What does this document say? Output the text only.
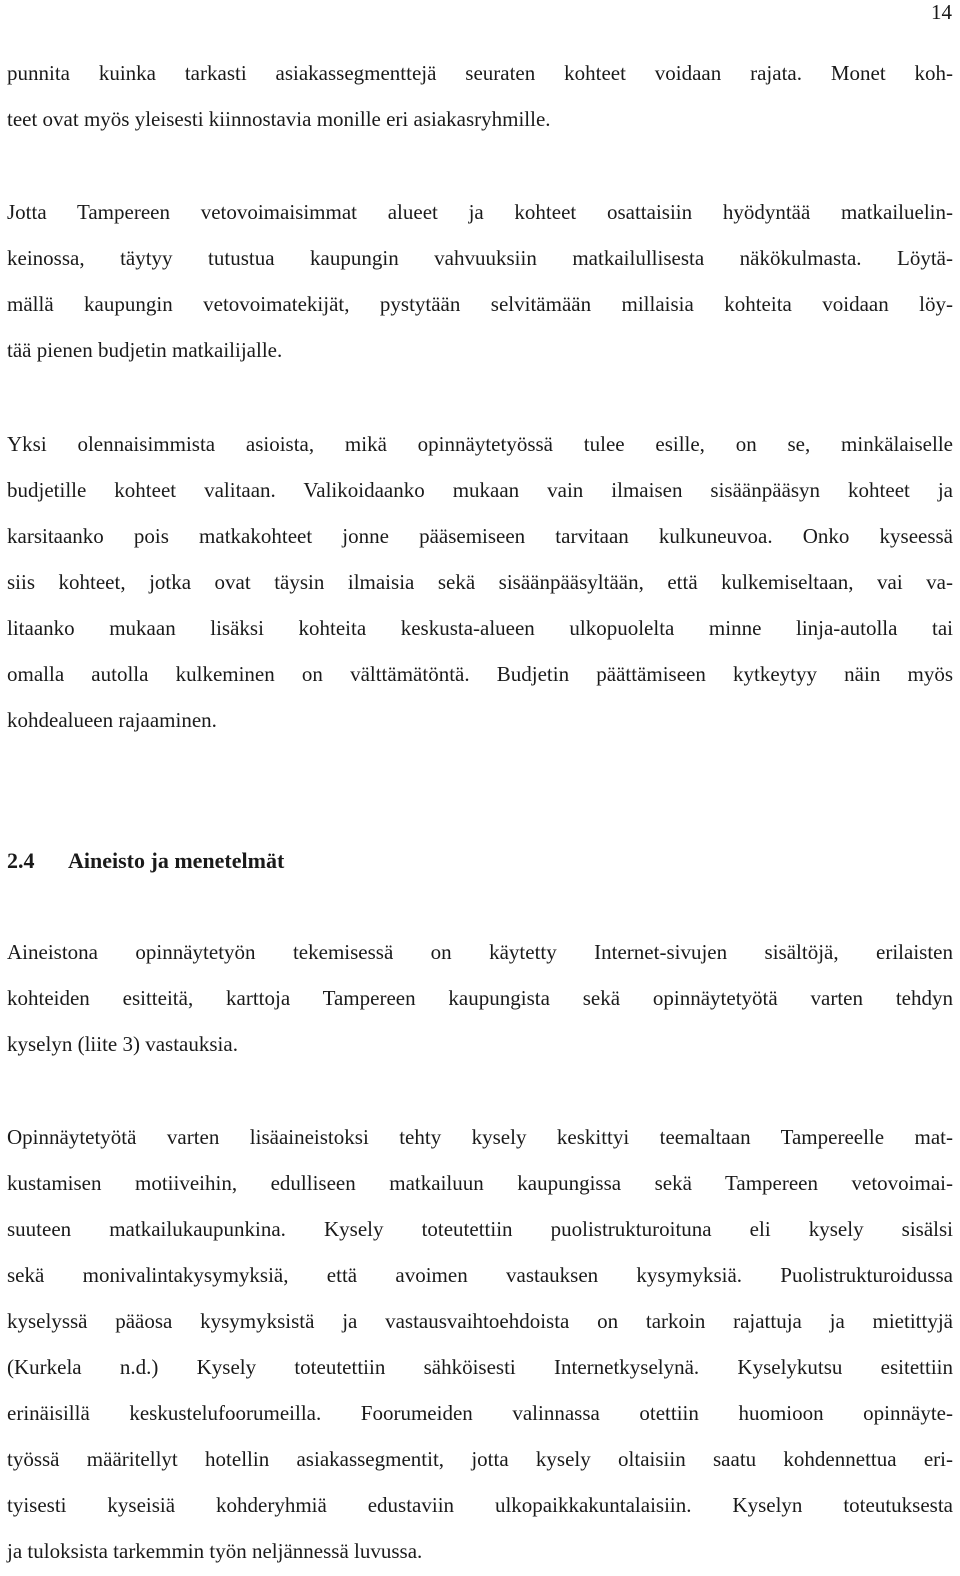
14
punnita kuinka tarkasti asiakassegmenttejä seuraten kohteet voidaan rajata. Monet koh-
teet ovat myös yleisesti kiinnostavia monille eri asiakasryhmille.
Jotta Tampereen vetovoimaisimmat alueet ja kohteet osattaisiin hyödyntää matkailuelin-
keinossa, täytyy tutustua kaupungin vahvuuksiin matkailullisesta näkökulmasta. Löytä-
mällä kaupungin vetovoimatekijät, pystytään selvitämään millaisia kohteita voidaan löy-
tää pienen budjetin matkailijalle.
Yksi olennaisimmista asioista, mikä opinnäytetyössä tulee esille, on se, minkälaiselle
budjetille kohteet valitaan. Valikoidaanko mukaan vain ilmaisen sisäänpääsyn kohteet ja
karsitaanko pois matkakohteet jonne pääsemiseen tarvitaan kulkuneuvoa. Onko kyseessä
siis kohteet, jotka ovat täysin ilmaisia sekä sisäänpääsyltään, että kulkemiseltaan, vai va-
litaanko mukaan lisäksi kohteita keskusta-alueen ulkopuolelta minne linja-autolla tai
omalla autolla kulkeminen on välttämätöntä. Budjetin päättämiseen kytkeytyy näin myös
kohdealueen rajaaminen.
2.4 Aineisto ja menetelmät
Aineistona opinnäytetyön tekemisessä on käytetty Internet-sivujen sisältöjä, erilaisten
kohteiden esitteitä, karttoja Tampereen kaupungista sekä opinnäytetyötä varten tehdyn
kyselyn (liite 3) vastauksia.
Opinnäytetyötä varten lisäaineistoksi tehty kysely keskittyi teemaltaan Tampereelle mat-
kustamisen motiiveihin, edulliseen matkailuun kaupungissa sekä Tampereen vetovoimai-
suuteen matkailukaupunkina. Kysely toteutettiin puolistrukturoituna eli kysely sisälsi
sekä monivalintakysymyksiä, että avoimen vastauksen kysymyksiä. Puolistrukturoidussa
kyselyssä pääosa kysymyksistä ja vastausvaihtoehdoista on tarkoin rajattuja ja mietittyjä
(Kurkela n.d.) Kysely toteutettiin sähköisesti Internetkyselynä. Kyselykutsu esitettiin
erinäisillä keskustelufoorumeilla. Foorumeiden valinnassa otettiin huomioon opinnäyte-
työssä määritellyt hotellin asiakassegmentit, jotta kysely oltaisiin saatu kohdennettua eri-
tyisesti kyseisiä kohderyhmiä edustaviin ulkopaikkakuntalaisiin. Kyselyn toteutuksesta
ja tuloksista tarkemmin työn neljännessä luvussa.
